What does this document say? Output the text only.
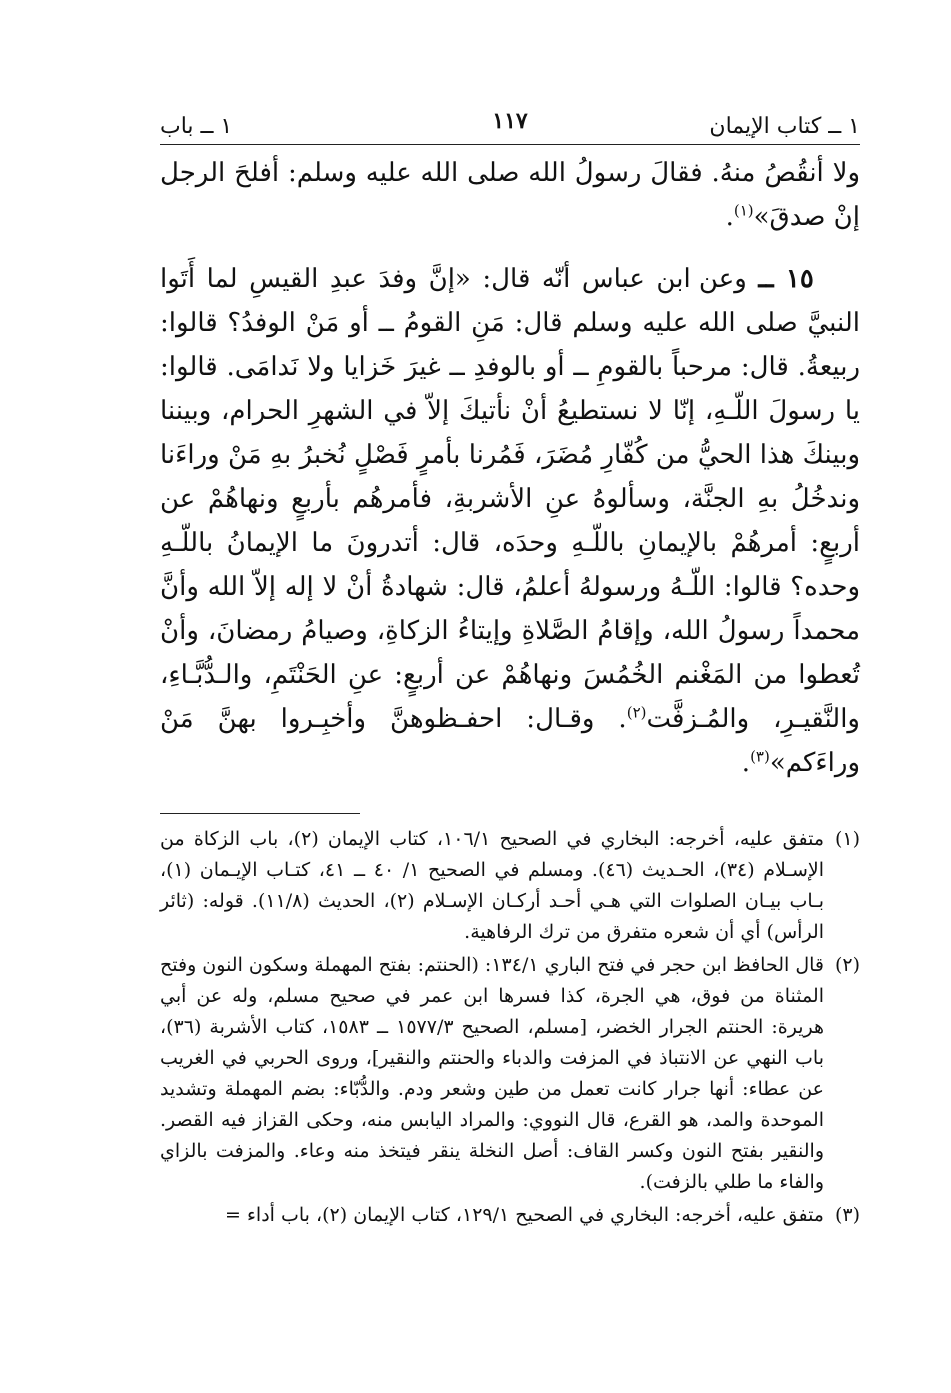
١ ــ كتاب الإيمان
١١٧
١ ــ باب

ولا أنقُصُ منهُ. فقالَ رسولُ الله صلى الله عليه وسلم: أفلحَ الرجل إنْ صدقَ»$^{(١)}$.

١٥ ــ وعن ابن عباس أنّه قال: «إنَّ وفدَ عبدِ القيسِ لما أَتَوا النبيَّ صلى الله عليه وسلم قال: مَنِ القومُ ــ أو مَنْ الوفدُ؟ قالوا: ربيعةُ. قال: مرحباً بالقومِ ــ أو بالوفدِ ــ غيرَ خَزايا ولا نَدامَى. قالوا: يا رسولَ اللّـهِ، إنّا لا نستطيعُ أنْ نأتيكَ إلاّ في الشهرِ الحرام، وبيننا وبينكَ هذا الحيُّ من كُفّارِ مُضَرَ، فَمُرنا بأمرٍ فَصْلٍ نُخبرُ بهِ مَنْ وراءَنا وندخُلُ بهِ الجنَّة، وسألوهُ عنِ الأشربةِ، فأمرهُم بأربعٍ ونهاهُمْ عن أربعٍ: أمرهُمْ بالإيمانِ باللّـهِ وحدَه، قال: أتدرونَ ما الإيمانُ باللّـهِ وحده؟ قالوا: اللّـهُ ورسولهُ أعلمُ، قال: شهادةُ أنْ لا إله إلاّ الله وأنَّ محمداً رسولُ الله، وإقامُ الصَّلاةِ وإيتاءُ الزكاةِ، وصيامُ رمضانَ، وأنْ تُعطوا من المَغْنم الخُمُسَ ونهاهُمْ عن أربعٍ: عنِ الحَنْتَمِ، والـدُّبَّـاءِ، والنَّقيـرِ، والمُـزفَّت$^{(٢)}$. وقـال: احفـظوهنَّ وأخبِـروا بهنَّ مَنْ وراءَكم»$^{(٣)}$.

(١)
متفق عليه، أخرجه: البخاري في الصحيح ١٠٦/١، كتاب الإيمان (٢)، باب الزكاة من الإسـلام (٣٤)، الحـديث (٤٦). ومسلم في الصحيح ١/ ٤٠ ــ ٤١، كتـاب الإيـمان (١)، بـاب بيـان الصلوات التي هـي أحـد أركـان الإسـلام (٢)، الحديث (١١/٨). قوله: (ثائر الرأس) أي أن شعره متفرق من ترك الرفاهية.
(٢)
قال الحافظ ابن حجر في فتح الباري ١٣٤/١: (الحنتم: بفتح المهملة وسكون النون وفتح المثناة من فوق، هي الجرة، كذا فسرها ابن عمر في صحيح مسلم، وله عن أبي هريرة: الحنتم الجرار الخضر، [مسلم، الصحيح ١٥٧٧/٣ ــ ١٥٨٣، كتاب الأشربة (٣٦)، باب النهي عن الانتباذ في المزفت والدباء والحنتم والنقير]، وروى الحربي في الغريب عن عطاء: أنها جرار كانت تعمل من طين وشعر ودم. والدُّبّاء: بضم المهملة وتشديد الموحدة والمد، هو القرع، قال النووي: والمراد اليابس منه، وحكى القزاز فيه القصر. والنقير بفتح النون وكسر القاف: أصل النخلة ينقر فيتخذ منه وعاء. والمزفت بالزاي والفاء ما طلي بالزفت).
(٣)
متفق عليه، أخرجه: البخاري في الصحيح ١٢٩/١، كتاب الإيمان (٢)، باب أداء =
